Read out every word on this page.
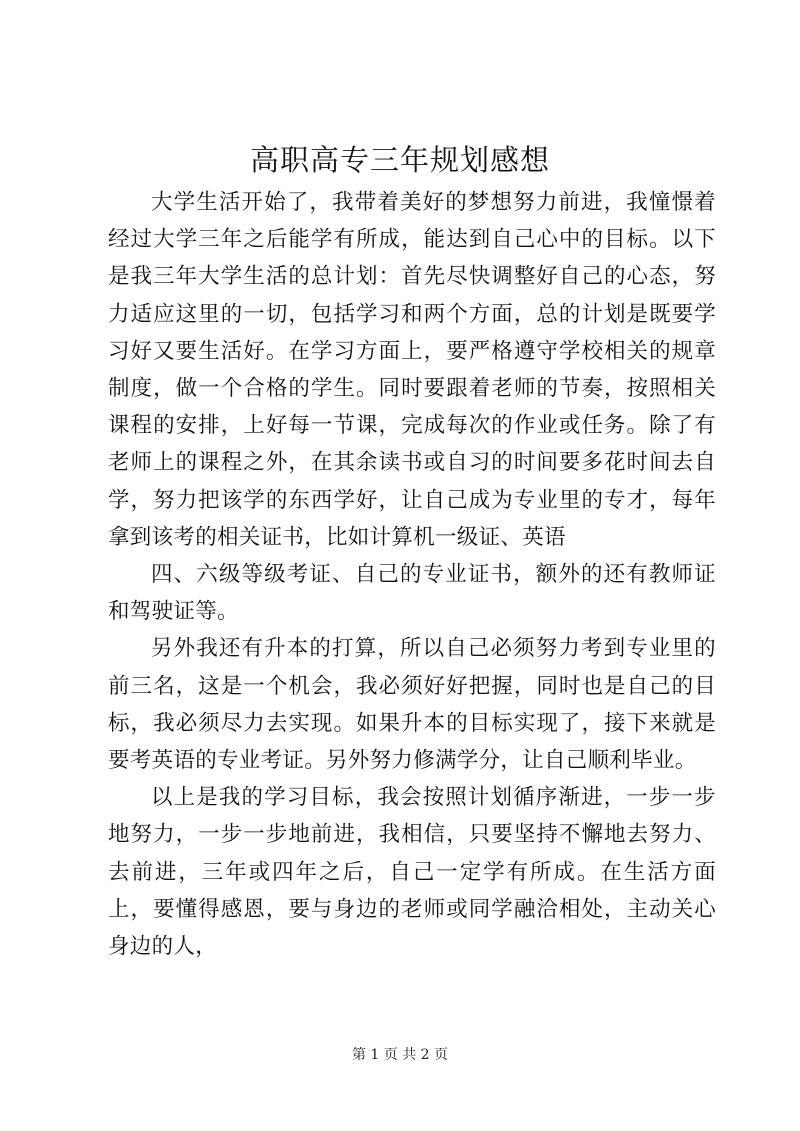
高职高专三年规划感想

大学生活开始了，我带着美好的梦想努力前进，我憧憬着经过大学三年之后能学有所成，能达到自己心中的目标。以下是我三年大学生活的总计划：首先尽快调整好自己的心态，努力适应这里的一切，包括学习和两个方面，总的计划是既要学习好又要生活好。在学习方面上，要严格遵守学校相关的规章制度，做一个合格的学生。同时要跟着老师的节奏，按照相关课程的安排，上好每一节课，完成每次的作业或任务。除了有老师上的课程之外，在其余读书或自习的时间要多花时间去自学，努力把该学的东西学好，让自己成为专业里的专才，每年拿到该考的相关证书，比如计算机一级证、英语

四、六级等级考证、自己的专业证书，额外的还有教师证和驾驶证等。

另外我还有升本的打算，所以自己必须努力考到专业里的前三名，这是一个机会，我必须好好把握，同时也是自己的目标，我必须尽力去实现。如果升本的目标实现了，接下来就是要考英语的专业考证。另外努力修满学分，让自己顺利毕业。

以上是我的学习目标，我会按照计划循序渐进，一步一步地努力，一步一步地前进，我相信，只要坚持不懈地去努力、去前进，三年或四年之后，自己一定学有所成。在生活方面上，要懂得感恩，要与身边的老师或同学融洽相处，主动关心身边的人，

第 1 页 共 2 页
